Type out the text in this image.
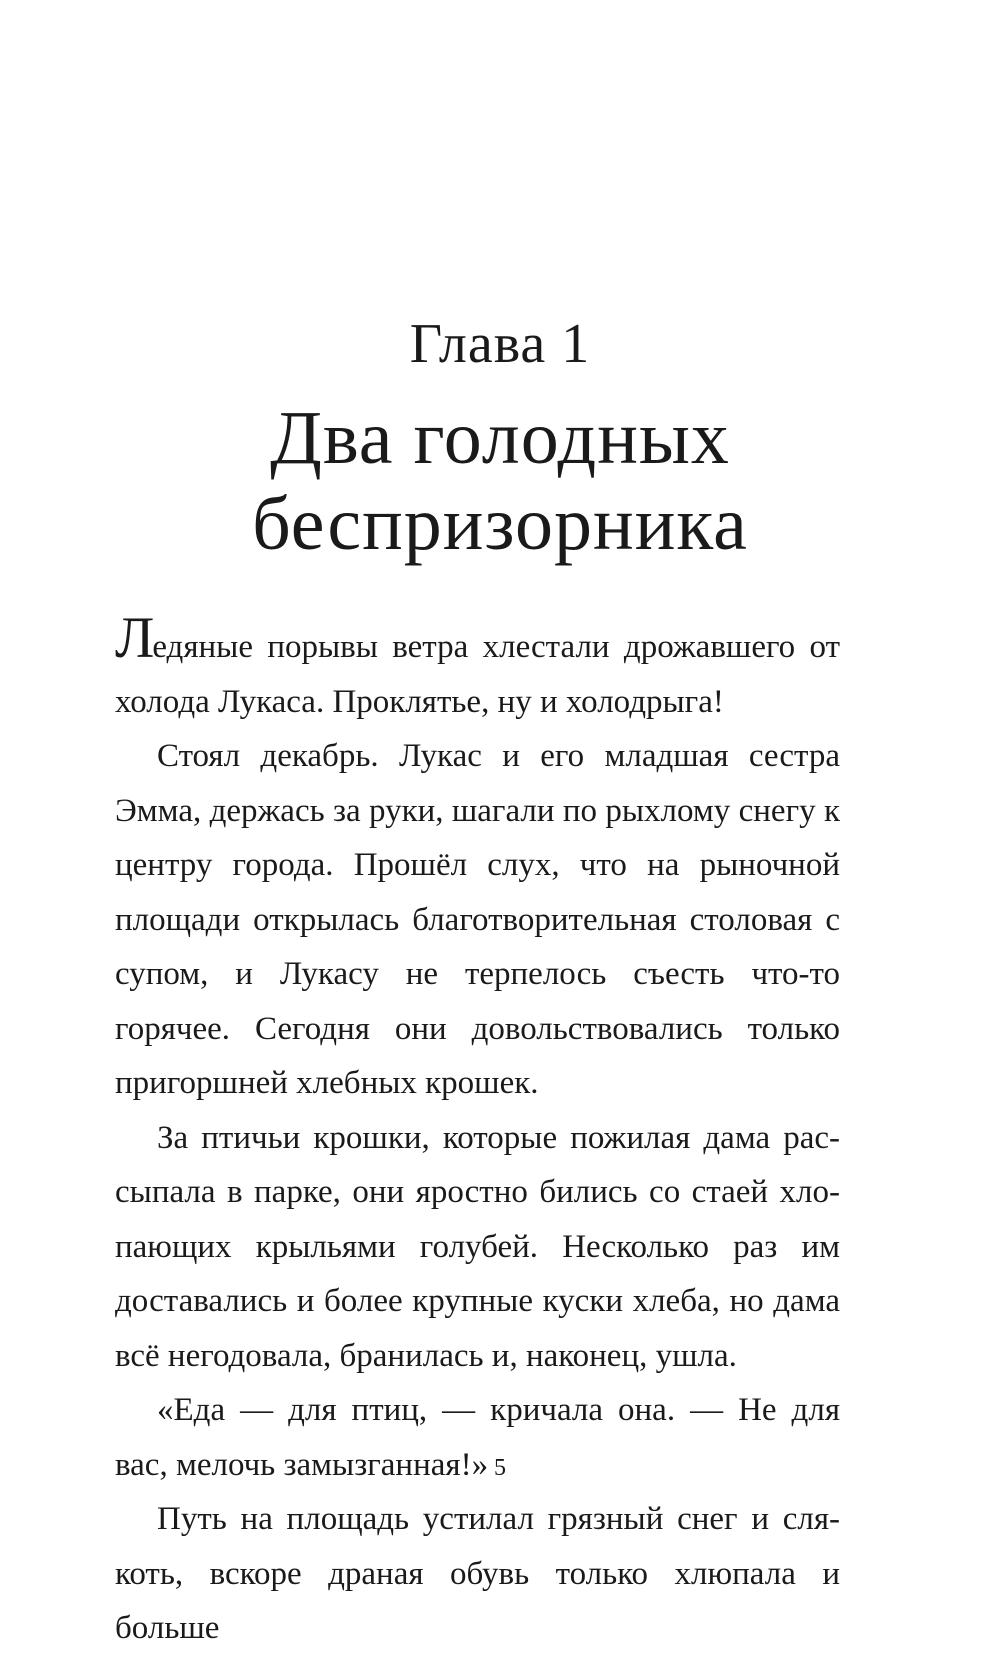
Глава 1
Два голодных
беспризорника

Ледяные порывы ветра хлестали дрожавшего от холода Лукаса. Проклятье, ну и холодрыга!

Стоял декабрь. Лукас и его младшая сестра Эмма, держась за руки, шагали по рыхлому снегу к центру города. Прошёл слух, что на рыночной площади открылась благотворительная столовая с супом, и Лукасу не терпелось съесть что-то горячее. Сегодня они довольствовались только пригоршней хлебных крошек.

За птичьи крошки, которые пожилая дама рассыпала в парке, они яростно бились со стаей хлопающих крыльями голубей. Несколько раз им доставались и более крупные куски хлеба, но дама всё негодовала, бранилась и, наконец, ушла.

«Еда — для птиц, — кричала она. — Не для вас, мелочь замызганная!»

Путь на площадь устилал грязный снег и слякоть, вскоре драная обувь только хлюпала и больше

5
